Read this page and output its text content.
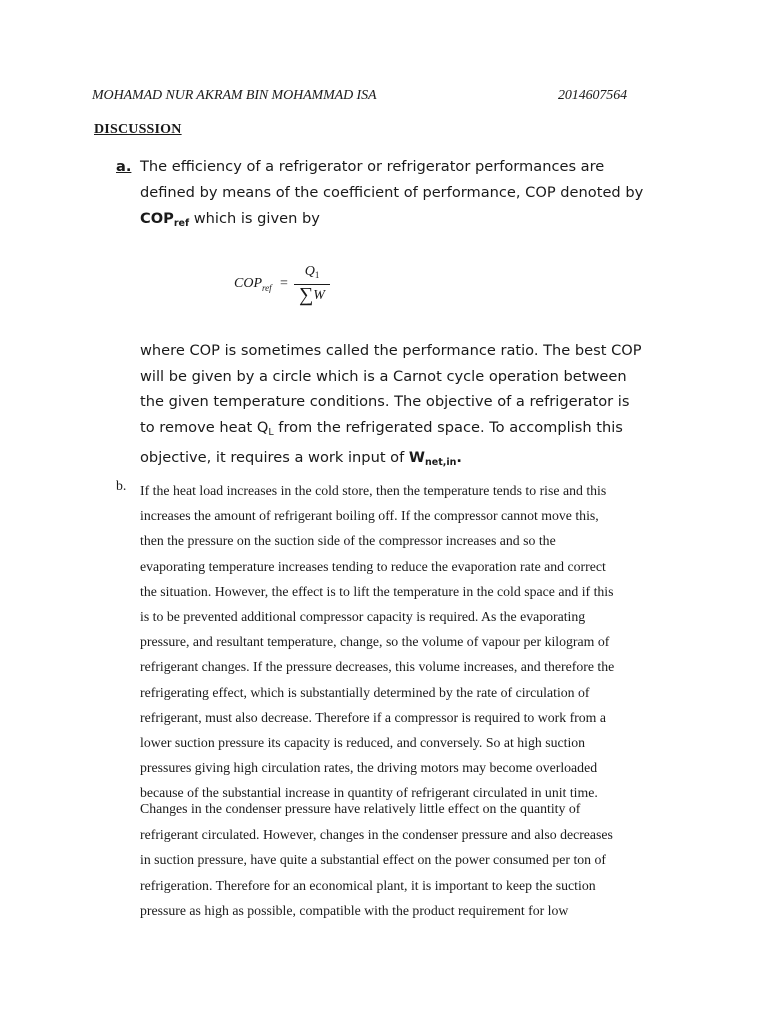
MOHAMAD NUR AKRAM BIN MOHAMMAD ISA	2014607564
DISCUSSION
a. The efficiency of a refrigerator or refrigerator performances are
defined by means of the coefficient of performance, COP denoted by
$COP_{ref}$ which is given by
$COP_{ref}$ =
$Q_1$
∑W
where COP is sometimes called the performance ratio. The best COP
will be given by a circle which is a Carnot cycle operation between
the given temperature conditions. The objective of a refrigerator is
to remove heat $Q_L$ from the refrigerated space. To accomplish this
objective, it requires a work input of $W_{net,in}$.
b. If the heat load increases in the cold store, then the temperature tends to rise and this
increases the amount of refrigerant boiling off. If the compressor cannot move this,
then the pressure on the suction side of the compressor increases and so the
evaporating temperature increases tending to reduce the evaporation rate and correct
the situation. However, the effect is to lift the temperature in the cold space and if this
is to be prevented additional compressor capacity is required. As the evaporating
pressure, and resultant temperature, change, so the volume of vapour per kilogram of
refrigerant changes. If the pressure decreases, this volume increases, and therefore the
refrigerating effect, which is substantially determined by the rate of circulation of
refrigerant, must also decrease. Therefore if a compressor is required to work from a
lower suction pressure its capacity is reduced, and conversely. So at high suction
pressures giving high circulation rates, the driving motors may become overloaded
because of the substantial increase in quantity of refrigerant circulated in unit time.
Changes in the condenser pressure have relatively little effect on the quantity of
refrigerant circulated. However, changes in the condenser pressure and also decreases
in suction pressure, have quite a substantial effect on the power consumed per ton of
refrigeration. Therefore for an economical plant, it is important to keep the suction
pressure as high as possible, compatible with the product requirement for low
